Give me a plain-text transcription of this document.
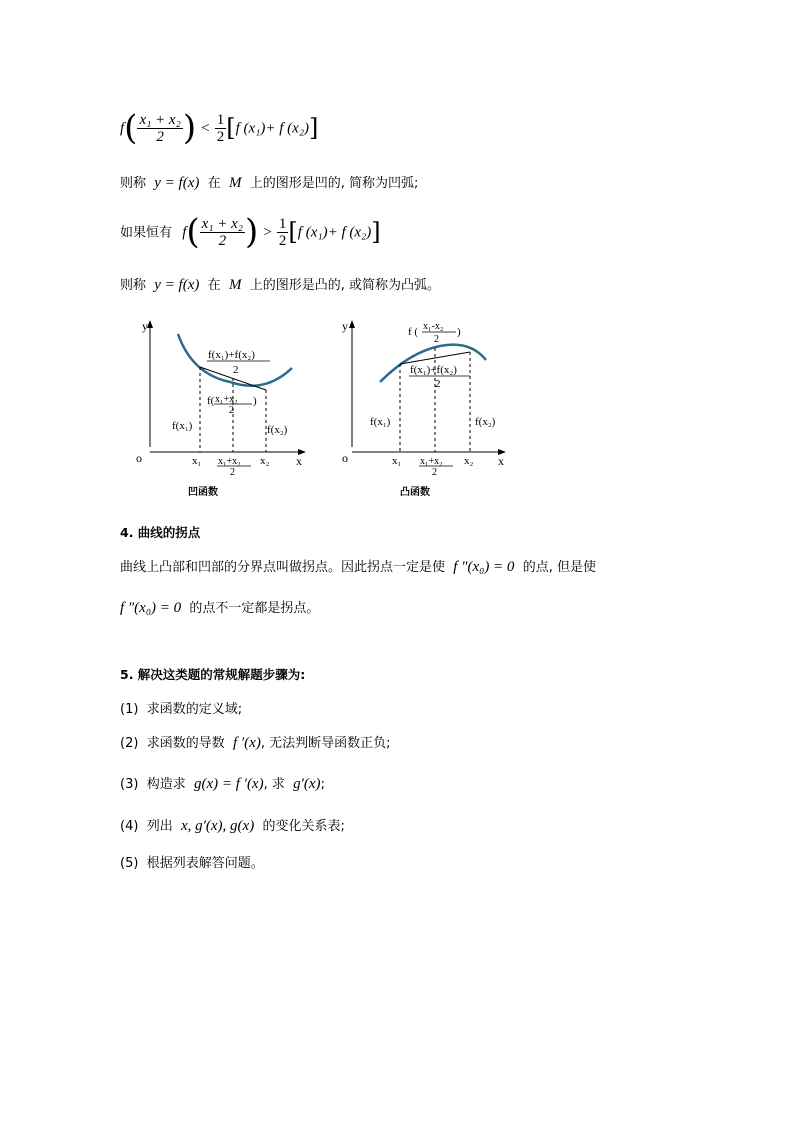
$f( \frac{\text{x₁ + x₂}}{2}$ ) < $\frac{1}{2} [f$ (x₁)+ f (x₂)]
则称 y = f(x) 在 M 上的图形是凹的, 简称为凹弧;
如果恒有 $f( \frac{\text{x₁ + x₂}}{2}$ ) > $\frac{1}{2} [f$ (x₁)+ f (x₂)]
则称 y = f(x) 在 M 上的图形是凸的, 或简称为凸弧。
y
x
o
f(x₁)+f(x₂)
2
f( x₁+x₂
2
)
f(x₁)	f(x₂)
x₁	x₂
x₁+x₂
2
凹函数
y
x
o
f ( x₁-x₂
2
)
f(x₁)+f(x₂)
2
f(x₁)	f(x₂)
x₁	x₂
x₁+x₂
2
凸函数
4. 曲线的拐点
曲线上凸部和凹部的分界点叫做拐点。因此拐点一定是使 f ″(x₀) = 0 的点, 但是使
f ″(x₀) = 0 的点不一定都是拐点。
5. 解决这类题的常规解题步骤为:
(1) 求函数的定义域;
(2) 求函数的导数 f ′(x), 无法判断导函数正负;
(3) 构造求 g(x) = f ′(x), 求 g′(x);
(4) 列出 x, g′(x), g(x) 的变化关系表;
(5) 根据列表解答问题。
